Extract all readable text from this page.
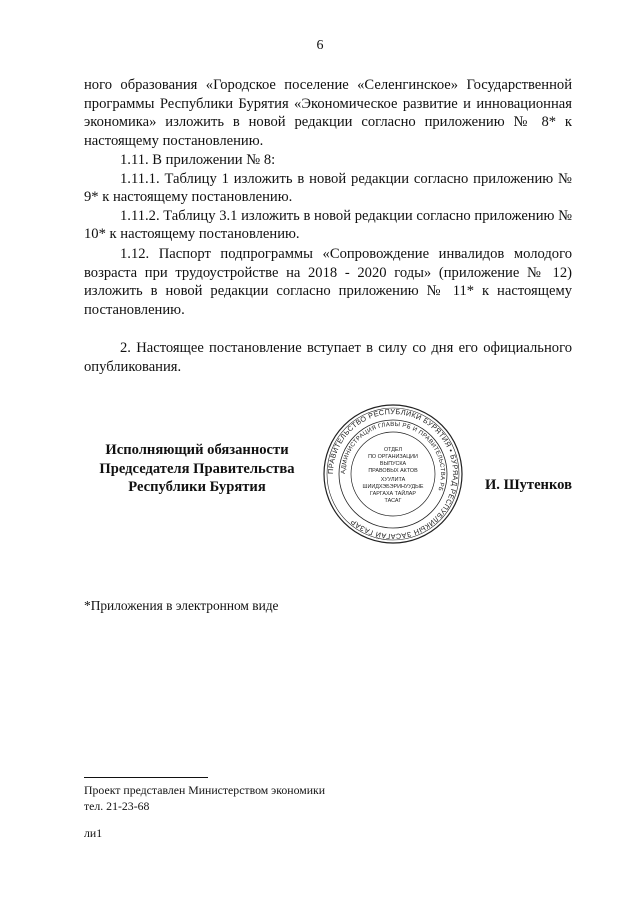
6

ного образования «Городское поселение «Селенгинское» Государственной программы Республики Бурятия «Экономическое развитие и инновационная экономика» изложить в новой редакции согласно приложению № 8* к настоящему постановлению.

1.11. В приложении № 8:

1.11.1. Таблицу 1 изложить в новой редакции согласно приложению № 9* к настоящему постановлению.

1.11.2. Таблицу 3.1 изложить в новой редакции согласно приложению № 10* к настоящему постановлению.

1.12. Паспорт подпрограммы «Сопровождение инвалидов молодого возраста при трудоустройстве на 2018 - 2020 годы» (приложение № 12) изложить в новой редакции согласно приложению № 11* к настоящему постановлению.

2. Настоящее постановление вступает в силу со дня его официального опубликования.

Исполняющий обязанности
Председателя Правительства
Республики Бурятия
ПРАВИТЕЛЬСТВО РЕСПУБЛИКИ БУРЯТИЯ • БУРЯАД РЕСПУБЛИКЫН ЗАСАГАЙ ГАЗАР
АДМИНИСТРАЦИЯ ГЛАВЫ РБ И ПРАВИТЕЛЬСТВА РБ
ОТДЕЛ
ПО ОРГАНИЗАЦИИ
ВЫПУСКА
ПРАВОВЫХ АКТОВ
ХУУЛИТА
ШИИДХЭБЭРИНУУДЫЕ
ГАРГАХА ТАЙЛАР
ТАСАГ
И. Шутенков
*Приложения в электронном виде
Проект представлен Министерством экономики
тел. 21-23-68
ли1
